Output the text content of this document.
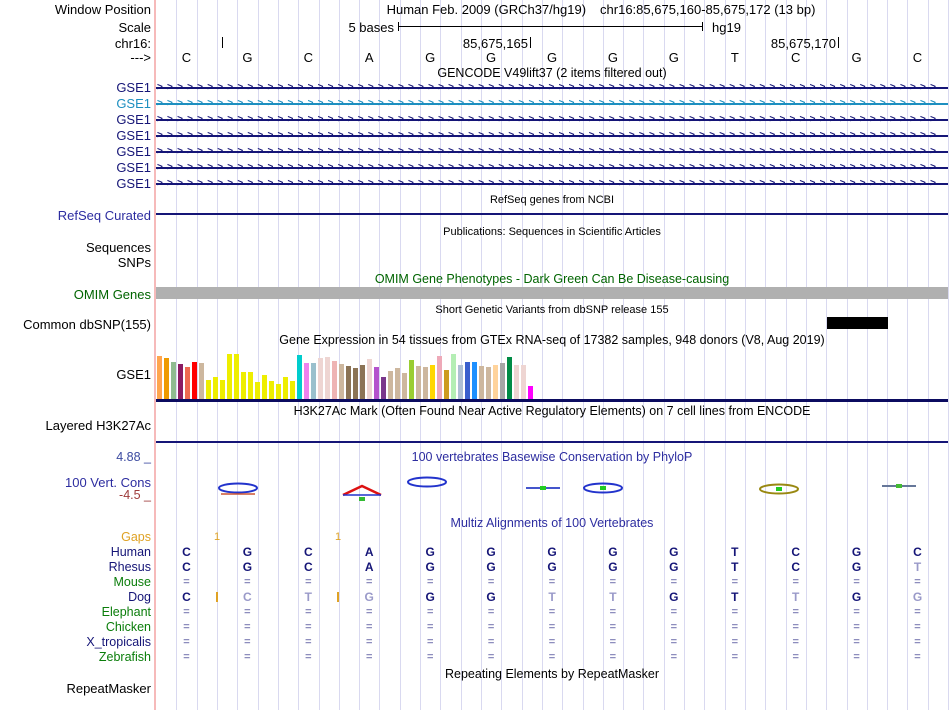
Window Position	Human Feb. 2009 (GRCh37/hg19) chr16:85,675,160-85,675,172 (13 bp)
Scale	5 bases	hg19
chr16:	85,675,165	85,675,170
--->	C	G	C	A	G	G	G	G	G	T	C	G	C
GENCODE V49lift37 (2 items filtered out)
GSE1 >>>>>>>>>>>>>>>>>>>>>>>>>>>>>>>>>>>>>>>>>>>>>>>>>>>>>>>>>>>>>>>>>>>>>>>>>>>>>>
GSE1 >>>>>>>>>>>>>>>>>>>>>>>>>>>>>>>>>>>>>>>>>>>>>>>>>>>>>>>>>>>>>>>>>>>>>>>>>>>>>>
GSE1 >>>>>>>>>>>>>>>>>>>>>>>>>>>>>>>>>>>>>>>>>>>>>>>>>>>>>>>>>>>>>>>>>>>>>>>>>>>>>>
GSE1 >>>>>>>>>>>>>>>>>>>>>>>>>>>>>>>>>>>>>>>>>>>>>>>>>>>>>>>>>>>>>>>>>>>>>>>>>>>>>>
GSE1 >>>>>>>>>>>>>>>>>>>>>>>>>>>>>>>>>>>>>>>>>>>>>>>>>>>>>>>>>>>>>>>>>>>>>>>>>>>>>>
GSE1 >>>>>>>>>>>>>>>>>>>>>>>>>>>>>>>>>>>>>>>>>>>>>>>>>>>>>>>>>>>>>>>>>>>>>>>>>>>>>>
GSE1 >>>>>>>>>>>>>>>>>>>>>>>>>>>>>>>>>>>>>>>>>>>>>>>>>>>>>>>>>>>>>>>>>>>>>>>>>>>>>>
RefSeq genes from NCBI
RefSeq Curated
Publications: Sequences in Scientific Articles
Sequences
SNPs
OMIM Gene Phenotypes - Dark Green Can Be Disease-causing
OMIM Genes
Short Genetic Variants from dbSNP release 155
Common dbSNP(155)
Gene Expression in 54 tissues from GTEx RNA-seq of 17382 samples, 948 donors (V8, Aug 2019)
GSE1
H3K27Ac Mark (Often Found Near Active Regulatory Elements) on 7 cell lines from ENCODE
Layered H3K27Ac
100 vertebrates Basewise Conservation by PhyloP
4.88 _
100 Vert. Cons
-4.5 _
Multiz Alignments of 100 Vertebrates
Gaps	1	1
Human	C	G	C	A	G	G	G	G	G	T	C	G	C
Rhesus	C	G	C	A	G	G	G	G	G	T	C	G	T
Mouse	=	=	=	=	=	=	=	=	=	=	=	=	=
Dog	C	C	T	G	G	G	T	T	G	T	T	G	G
Elephant	=	=	=	=	=	=	=	=	=	=	=	=	=
Chicken	=	=	=	=	=	=	=	=	=	=	=	=	=
X_tropicalis	=	=	=	=	=	=	=	=	=	=	=	=	=
Zebrafish	=	=	=	=	=	=	=	=	=	=	=	=	=
Repeating Elements by RepeatMasker
RepeatMasker
